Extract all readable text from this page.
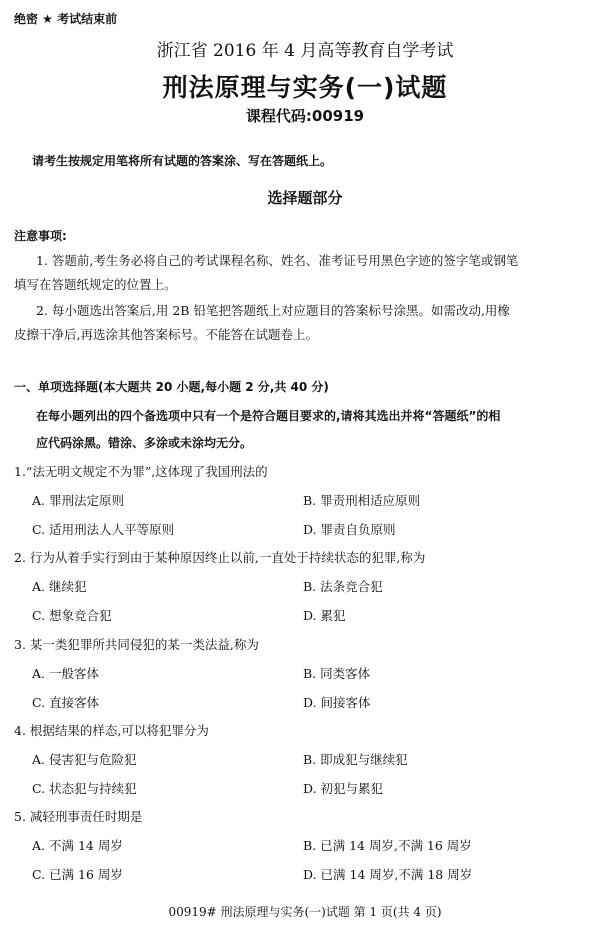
绝密 ★ 考试结束前
浙江省 2016 年 4 月高等教育自学考试
刑法原理与实务(一)试题
课程代码:00919
请考生按规定用笔将所有试题的答案涂、写在答题纸上。
选择题部分
注意事项:
1. 答题前,考生务必将自己的考试课程名称、姓名、准考证号用黑色字迹的签字笔或钢笔
填写在答题纸规定的位置上。
2. 每小题选出答案后,用 2B 铅笔把答题纸上对应题目的答案标号涂黑。如需改动,用橡
皮擦干净后,再选涂其他答案标号。不能答在试题卷上。
一、单项选择题(本大题共 20 小题,每小题 2 分,共 40 分)
在每小题列出的四个备选项中只有一个是符合题目要求的,请将其选出并将“答题纸”的相
应代码涂黑。错涂、多涂或未涂均无分。
1.“法无明文规定不为罪”,这体现了我国刑法的
A. 罪刑法定原则	B. 罪责刑相适应原则
C. 适用刑法人人平等原则	D. 罪责自负原则
2. 行为从着手实行到由于某种原因终止以前,一直处于持续状态的犯罪,称为
A. 继续犯	B. 法条竞合犯
C. 想象竞合犯	D. 累犯
3. 某一类犯罪所共同侵犯的某一类法益,称为
A. 一般客体	B. 同类客体
C. 直接客体	D. 间接客体
4. 根据结果的样态,可以将犯罪分为
A. 侵害犯与危险犯	B. 即成犯与继续犯
C. 状态犯与持续犯	D. 初犯与累犯
5. 减轻刑事责任时期是
A. 不满 14 周岁	B. 已满 14 周岁,不满 16 周岁
C. 已满 16 周岁	D. 已满 14 周岁,不满 18 周岁
00919# 刑法原理与实务(一)试题 第 1 页(共 4 页)
